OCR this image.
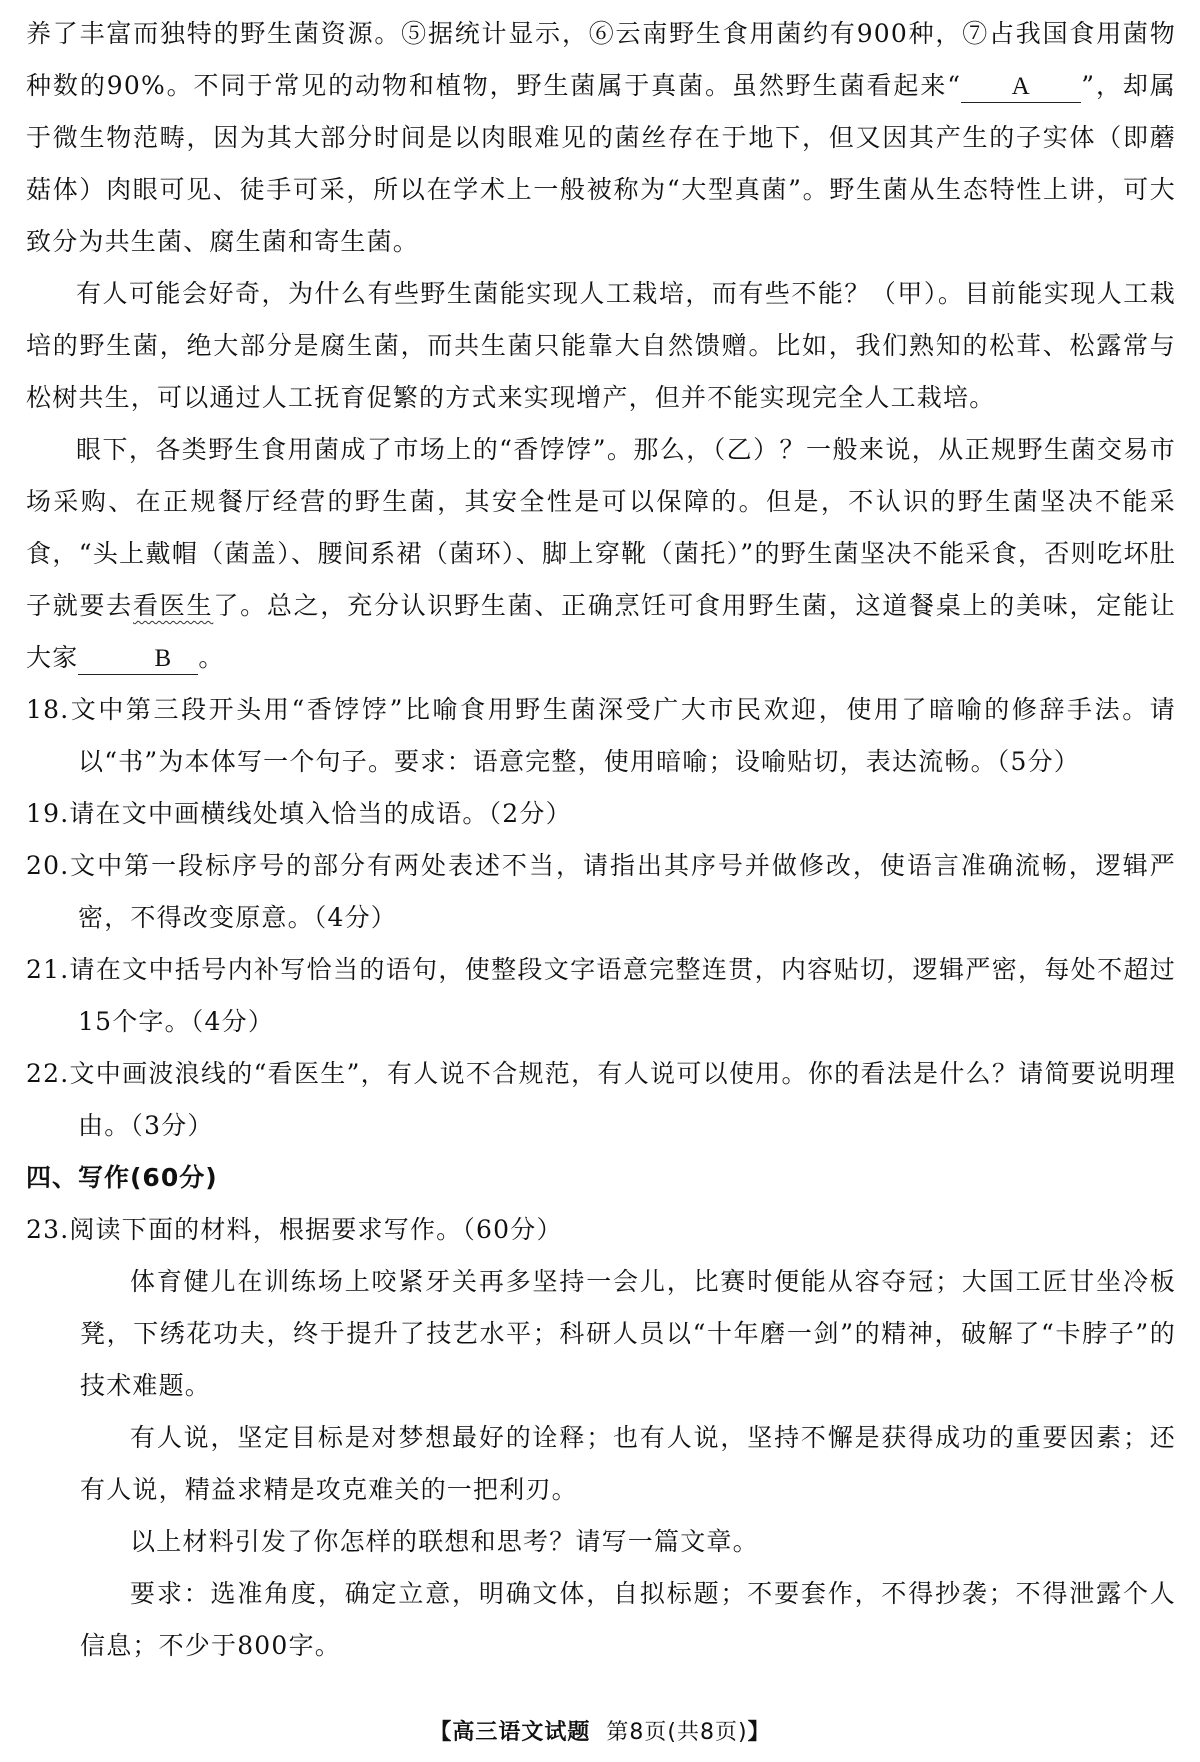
养了丰富而独特的野生菌资源。⑤据统计显示，⑥云南野生食用菌约有900种，⑦占我国食用菌物种数的90%。不同于常见的动物和植物，野生菌属于真菌。虽然野生菌看起来“ A ”，却属于微生物范畴，因为其大部分时间是以肉眼难见的菌丝存在于地下，但又因其产生的子实体（即蘑菇体）肉眼可见、徒手可采，所以在学术上一般被称为“大型真菌”。野生菌从生态特性上讲，可大致分为共生菌、腐生菌和寄生菌。

有人可能会好奇，为什么有些野生菌能实现人工栽培，而有些不能？（甲）。目前能实现人工栽培的野生菌，绝大部分是腐生菌，而共生菌只能靠大自然馈赠。比如，我们熟知的松茸、松露常与松树共生，可以通过人工抚育促繁的方式来实现增产，但并不能实现完全人工栽培。

眼下，各类野生食用菌成了市场上的“香饽饽”。那么，（乙）？一般来说，从正规野生菌交易市场采购、在正规餐厅经营的野生菌，其安全性是可以保障的。但是，不认识的野生菌坚决不能采食，“头上戴帽（菌盖）、腰间系裙（菌环）、脚上穿靴（菌托）”的野生菌坚决不能采食，否则吃坏肚子就要去看医生了。总之，充分认识野生菌、正确烹饪可食用野生菌，这道餐桌上的美味，定能让大家	B 。

18.文中第三段开头用“香饽饽”比喻食用野生菌深受广大市民欢迎，使用了暗喻的修辞手法。请以“书”为本体写一个句子。要求：语意完整，使用暗喻；设喻贴切，表达流畅。（5分）

19.请在文中画横线处填入恰当的成语。（2分）

20.文中第一段标序号的部分有两处表述不当，请指出其序号并做修改，使语言准确流畅，逻辑严密，不得改变原意。（4分）

21.请在文中括号内补写恰当的语句，使整段文字语意完整连贯，内容贴切，逻辑严密，每处不超过15个字。（4分）

22.文中画波浪线的“看医生”，有人说不合规范，有人说可以使用。你的看法是什么？请简要说明理由。（3分）

四、写作(60分)

23.阅读下面的材料，根据要求写作。（60分）

体育健儿在训练场上咬紧牙关再多坚持一会儿，比赛时便能从容夺冠；大国工匠甘坐冷板凳，下绣花功夫，终于提升了技艺水平；科研人员以“十年磨一剑”的精神，破解了“卡脖子”的技术难题。

有人说，坚定目标是对梦想最好的诠释；也有人说，坚持不懈是获得成功的重要因素；还有人说，精益求精是攻克难关的一把利刃。

以上材料引发了你怎样的联想和思考？请写一篇文章。

要求：选准角度，确定立意，明确文体，自拟标题；不要套作，不得抄袭；不得泄露个人信息；不少于800字。

【高三语文试题 第8页(共8页)】
